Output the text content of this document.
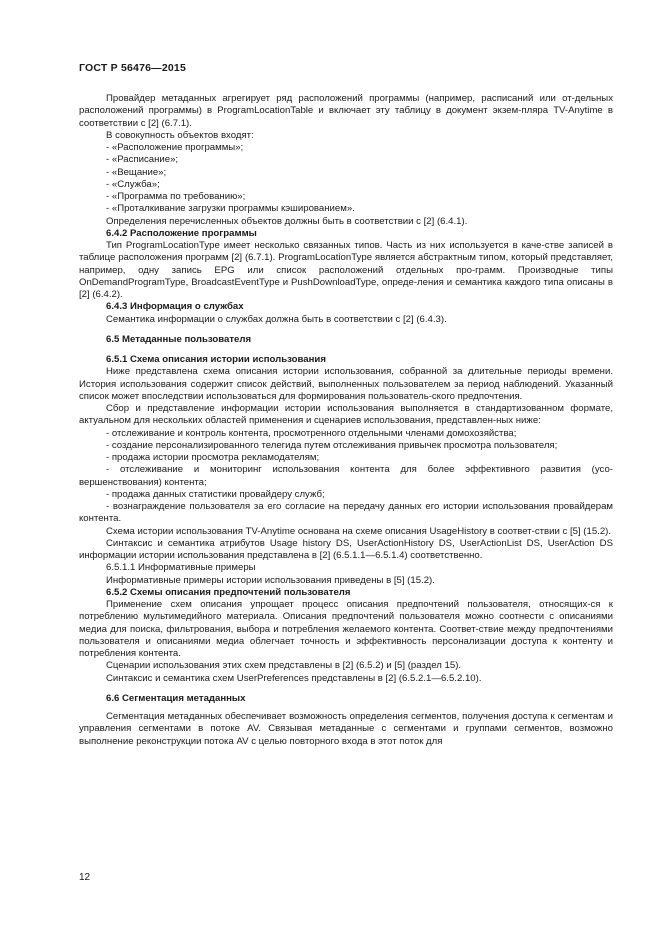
ГОСТ Р 56476—2015

Провайдер метаданных агрегирует ряд расположений программы (например, расписаний или от-дельных расположений программы) в ProgramLocationTable и включает эту таблицу в документ экзем-пляра TV-Anytime в соответствии с [2] (6.7.1).

В совокупность объектов входят:

- «Расположение программы»;

- «Расписание»;

- «Вещание»;

- «Служба»;

- «Программа по требованию»;

- «Проталкивание загрузки программы кэшированием».

Определения перечисленных объектов должны быть в соответствии с [2] (6.4.1).

6.4.2 Расположение программы

Тип ProgramLocationType имеет несколько связанных типов. Часть из них используется в каче-стве записей в таблице расположения программ [2] (6.7.1). ProgramLocationType является абстрактным типом, который представляет, например, одну запись EPG или список расположений отдельных про-грамм. Производные типы OnDemandProgramType, BroadcastEventType и PushDownloadType, опреде-ления и семантика каждого типа описаны в [2] (6.4.2).

6.4.3 Информация о службах

Семантика информации о службах должна быть в соответствии с [2] (6.4.3).

6.5 Метаданные пользователя

6.5.1 Схема описания истории использования

Ниже представлена схема описания истории использования, собранной за длительные периоды времени. История использования содержит список действий, выполненных пользователем за период наблюдений. Указанный список может впоследствии использоваться для формирования пользователь-ского предпочтения.

Сбор и представление информации истории использования выполняется в стандартизованном формате, актуальном для нескольких областей применения и сценариев использования, представлен-ных ниже:

- отслеживание и контроль контента, просмотренного отдельными членами домохозяйства;

- создание персонализированного телегида путем отслеживания привычек просмотра пользователя;

- продажа истории просмотра рекламодателям;

- отслеживание и мониторинг использования контента для более эффективного развития (усо-вершенствования) контента;

- продажа данных статистики провайдеру служб;

- вознаграждение пользователя за его согласие на передачу данных его истории использования провайдерам контента.

Схема истории использования TV-Anytime основана на схеме описания UsageHistory в соответ-ствии с [5] (15.2).

Синтаксис и семантика атрибутов Usage history DS, UserActionHistory DS, UserActionList DS, UserAction DS информации истории использования представлена в [2] (6.5.1.1—6.5.1.4) соответственно.

6.5.1.1 Информативные примеры

Информативные примеры истории использования приведены в [5] (15.2).

6.5.2 Схемы описания предпочтений пользователя

Применение схем описания упрощает процесс описания предпочтений пользователя, относящих-ся к потреблению мультимедийного материала. Описания предпочтений пользователя можно соотнести с описаниями медиа для поиска, фильтрования, выбора и потребления желаемого контента. Соответ-ствие между предпочтениями пользователя и описаниями медиа облегчает точность и эффективность персонализации доступа к контенту и потребления контента.

Сценарии использования этих схем представлены в [2] (6.5.2) и [5] (раздел 15).

Синтаксис и семантика схем UserPreferences представлены в [2] (6.5.2.1—6.5.2.10).

6.6 Сегментация метаданных

Сегментация метаданных обеспечивает возможность определения сегментов, получения доступа к сегментам и управления сегментами в потоке AV. Связывая метаданные с сегментами и группами сегментов, возможно выполнение реконструкции потока AV с целью повторного входа в этот поток для

12
